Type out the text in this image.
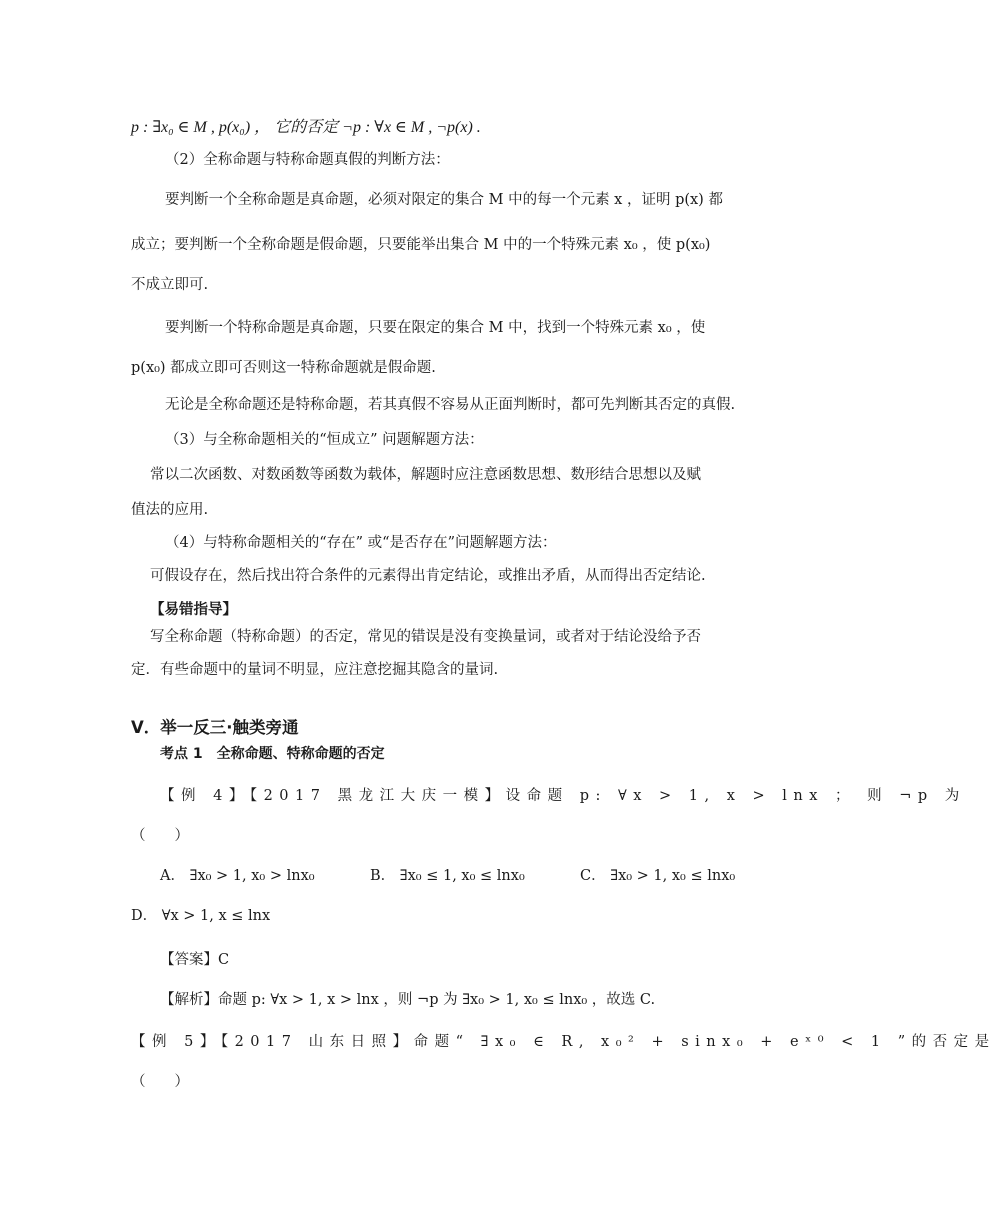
p : ∃x₀ ∈ M , p(x₀) ， 它的否定 ¬p : ∀x ∈ M , ¬p(x) .
（2）全称命题与特称命题真假的判断方法：
要判断一个全称命题是真命题，必须对限定的集合 M 中的每一个元素 x ，证明 p(x) 都
成立；要判断一个全称命题是假命题，只要能举出集合 M 中的一个特殊元素 x₀ ，使 p(x₀)
不成立即可.
要判断一个特称命题是真命题，只要在限定的集合 M 中，找到一个特殊元素 x₀ ，使
p(x₀) 都成立即可否则这一特称命题就是假命题.
无论是全称命题还是特称命题，若其真假不容易从正面判断时，都可先判断其否定的真假.
（3）与全称命题相关的“恒成立” 问题解题方法：
常以二次函数、对数函数等函数为载体，解题时应注意函数思想、数形结合思想以及赋
值法的应用.
（4）与特称命题相关的“存在” 或“是否存在”问题解题方法：
可假设存在，然后找出符合条件的元素得出肯定结论，或推出矛盾，从而得出否定结论.
【易错指导】
写全称命题（特称命题）的否定，常见的错误是没有变换量词，或者对于结论没给予否
定．有些命题中的量词不明显，应注意挖掘其隐含的量词.
V．举一反三·触类旁通
考点 1　全称命题、特称命题的否定
【例 4】【2017 黑龙江大庆一模】设命题 p: ∀x > 1, x > lnx ； 则 ¬p 为
（　　）
A． ∃x₀ > 1, x₀ > lnx₀	B． ∃x₀ ≤ 1, x₀ ≤ lnx₀	C． ∃x₀ > 1, x₀ ≤ lnx₀
D． ∀x > 1, x ≤ lnx
【答案】C
【解析】命题 p: ∀x > 1, x > lnx ，则 ¬p 为 ∃x₀ > 1, x₀ ≤ lnx₀ ，故选 C.
【例 5】【2017 山东日照】命题“ ∃x₀ ∈ R, x₀² + sinx₀ + eˣ⁰ < 1 ”的否定是
（　　）
